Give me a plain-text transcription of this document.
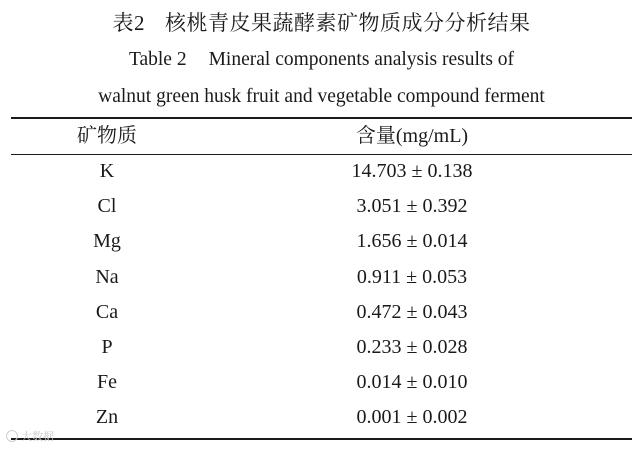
表2 核桃青皮果蔬酵素矿物质成分分析结果
Table 2 Mineral components analysis results of
walnut green husk fruit and vegetable compound ferment
矿物质	含量(mg/mL)
K	14.703 ± 0.138
Cl	3.051 ± 0.392
Mg	1.656 ± 0.014
Na	0.911 ± 0.053
Ca	0.472 ± 0.043
P	0.233 ± 0.028
Fe	0.014 ± 0.010
Zn	0.001 ± 0.002
大数据
